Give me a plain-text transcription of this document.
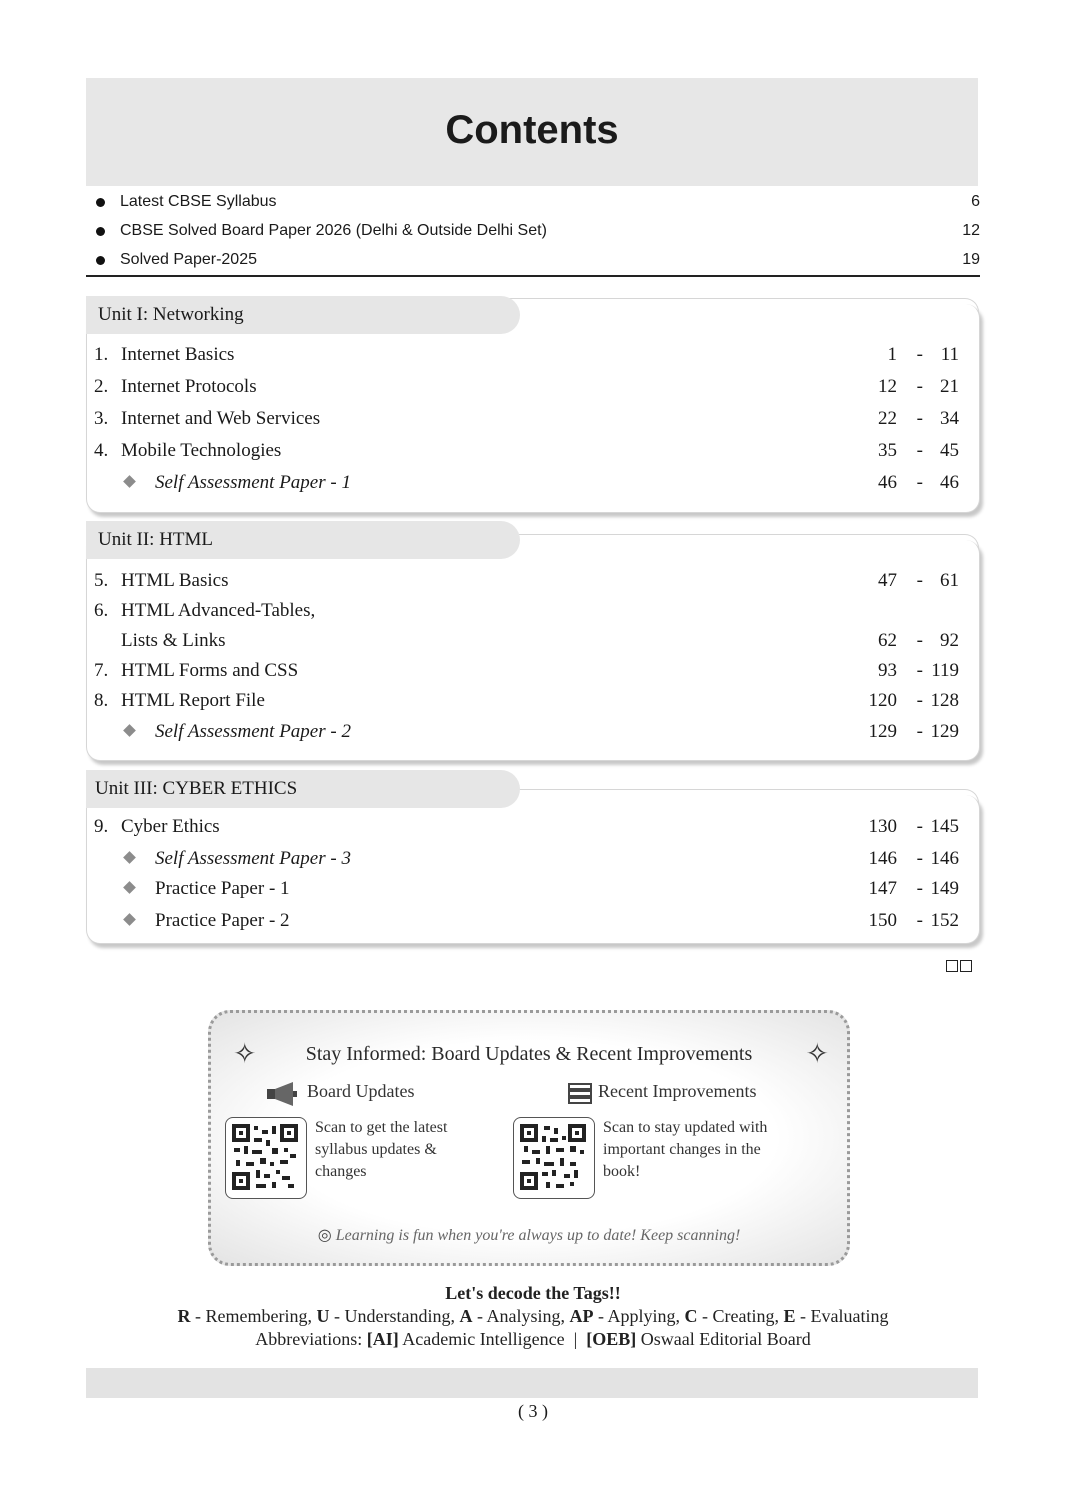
Contents
Latest CBSE Syllabus	6
CBSE Solved Board Paper 2026 (Delhi & Outside Delhi Set)	12
Solved Paper-2025	19
1. Internet Basics	1 - 11
2. Internet Protocols	12 - 21
3. Internet and Web Services	22 - 34
4. Mobile Technologies	35 - 45
Self Assessment Paper - 1	46 - 46
Unit I: Networking
5. HTML Basics	47 - 61
6. HTML Advanced-Tables,
Lists & Links	62 - 92
7. HTML Forms and CSS	93 - 119
8. HTML Report File	120 - 128
Self Assessment Paper - 2	129 - 129
Unit II: HTML
9. Cyber Ethics	130 - 145
Self Assessment Paper - 3	146 - 146
Practice Paper - 1	147 - 149
Practice Paper - 2	150 - 152
Unit III: CYBER ETHICS
✧	Stay Informed: Board Updates & Recent Improvements	✧
Board Updates	Recent Improvements
Scan to get the latest syllabus updates & changes
Scan to stay updated with important changes in the book!
◎ Learning is fun when you're always up to date! Keep scanning!
Let's decode the Tags!!
R - Remembering, U - Understanding, A - Analysing, AP - Applying, C - Creating, E - Evaluating
Abbreviations: [AI] Academic Intelligence  |  [OEB] Oswaal Editorial Board
( 3 )
